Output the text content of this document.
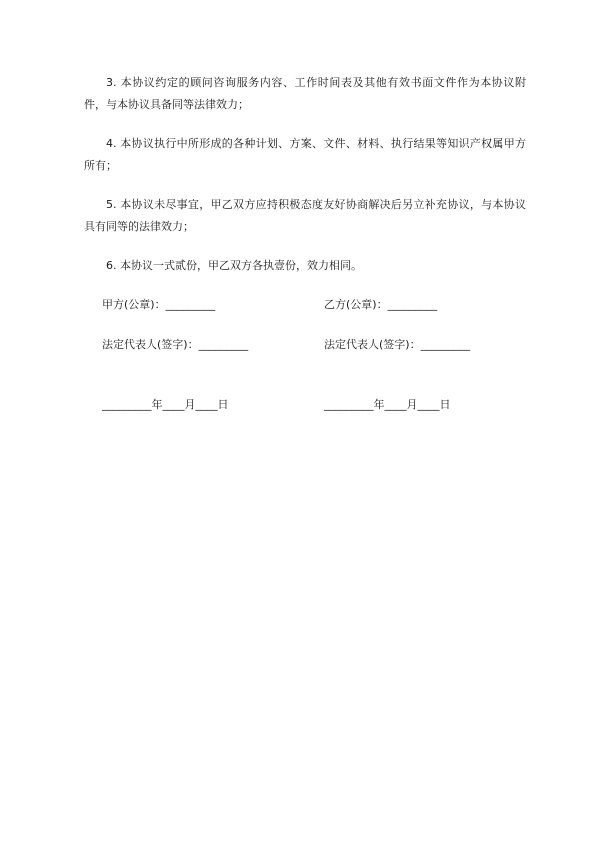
3. 本协议约定的顾问咨询服务内容、工作时间表及其他有效书面文件作为本协议附件，与本协议具备同等法律效力；

4. 本协议执行中所形成的各种计划、方案、文件、材料、执行结果等知识产权属甲方所有；

5. 本协议未尽事宜，甲乙双方应持积极态度友好协商解决后另立补充协议，与本协议具有同等的法律效力；

6. 本协议一式贰份，甲乙双方各执壹份，效力相同。

甲方(公章)：_________	乙方(公章)：_________
法定代表人(签字)：_________	法定代表人(签字)：_________
_________年____月____日	_________年____月____日
